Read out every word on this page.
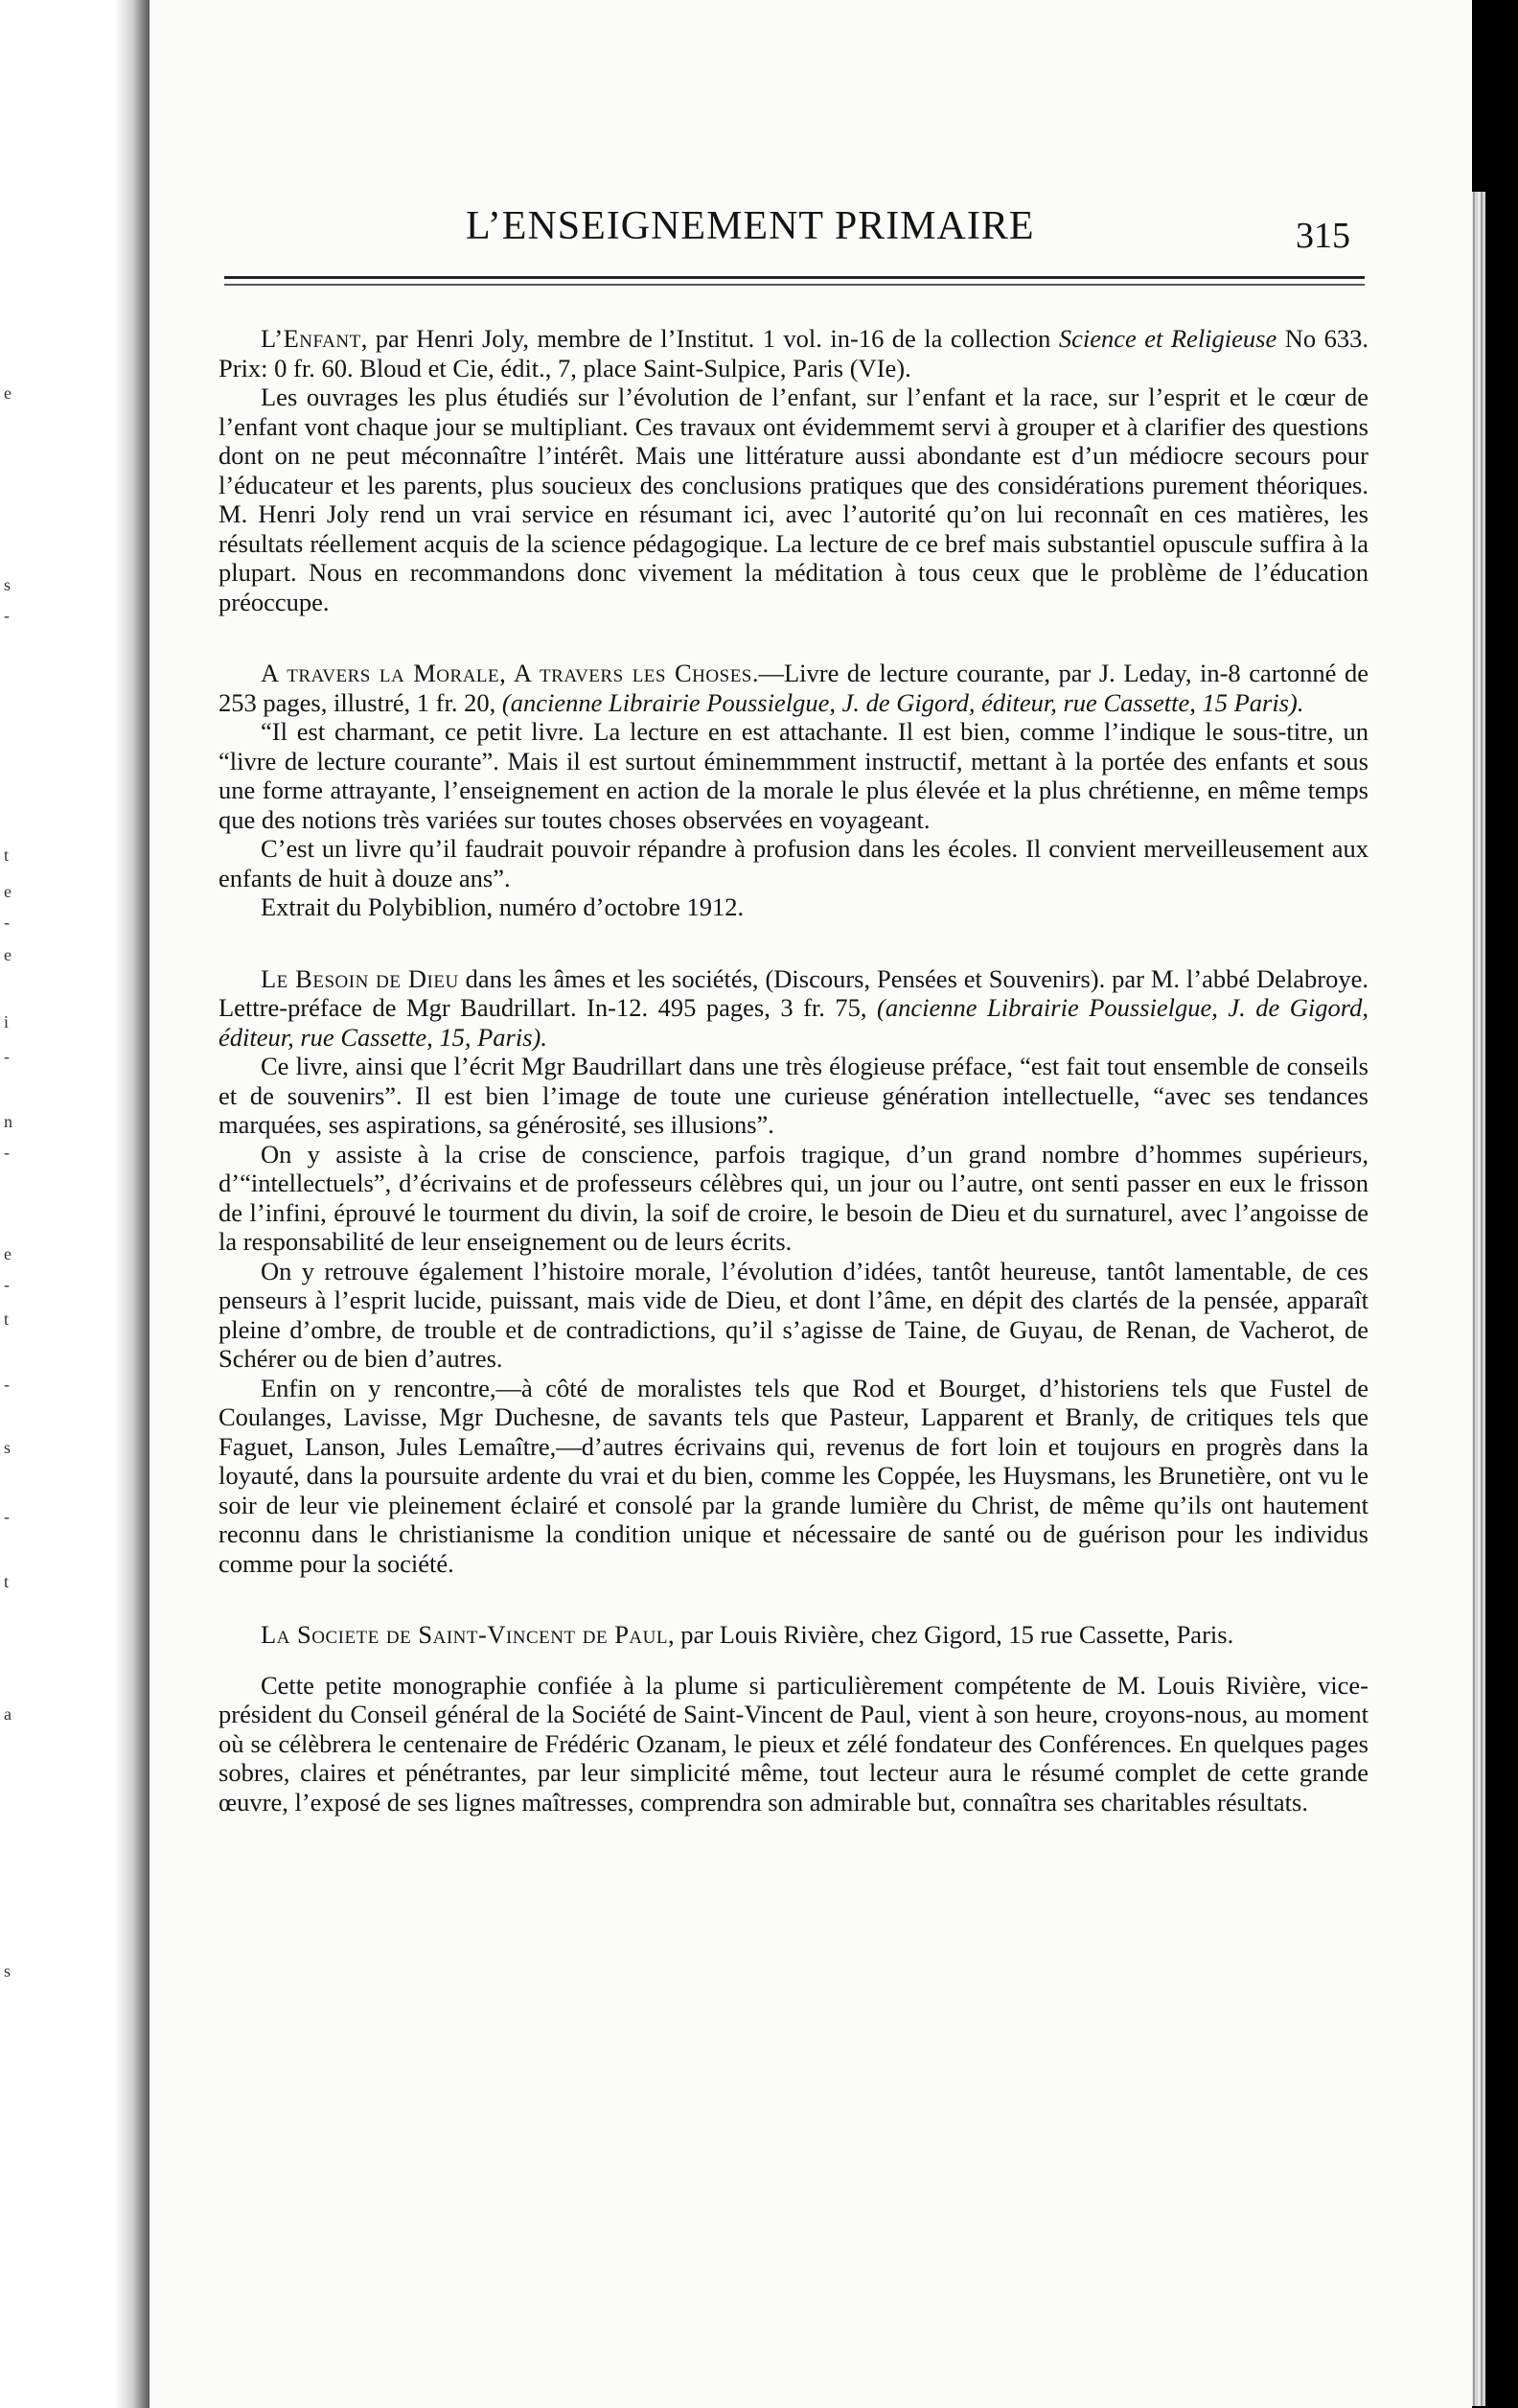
e
s
-
t
e
-
e
i
-
n
-
e
-
t
-
s
-
t
a
s
L’ENSEIGNEMENT PRIMAIRE	315

L’Enfant, par Henri Joly, membre de l’Institut. 1 vol. in-16 de la collection Science et Religieuse No 633. Prix: 0 fr. 60. Bloud et Cie, édit., 7, place Saint-Sulpice, Paris (VIe).

Les ouvrages les plus étudiés sur l’évolution de l’enfant, sur l’enfant et la race, sur l’esprit et le cœur de l’enfant vont chaque jour se multipliant. Ces travaux ont évidemmemt servi à grouper et à clarifier des questions dont on ne peut méconnaître l’intérêt. Mais une littérature aussi abondante est d’un médiocre secours pour l’éducateur et les parents, plus soucieux des conclusions pratiques que des considérations purement théoriques. M. Henri Joly rend un vrai service en résumant ici, avec l’autorité qu’on lui reconnaît en ces matières, les résultats réellement acquis de la science pédagogique. La lecture de ce bref mais substantiel opuscule suffira à la plupart. Nous en recommandons donc vivement la méditation à tous ceux que le problème de l’éducation préoccupe.

A travers la Morale, A travers les Choses.—Livre de lecture courante, par J. Leday, in-8 cartonné de 253 pages, illustré, 1 fr. 20, (ancienne Librairie Poussielgue, J. de Gigord, éditeur, rue Cassette, 15 Paris).

“Il est charmant, ce petit livre. La lecture en est attachante. Il est bien, comme l’indique le sous-titre, un “livre de lecture courante”. Mais il est surtout éminemmment instructif, mettant à la portée des enfants et sous une forme attrayante, l’enseignement en action de la morale le plus élevée et la plus chrétienne, en même temps que des notions très variées sur toutes choses observées en voyageant.

C’est un livre qu’il faudrait pouvoir répandre à profusion dans les écoles. Il convient merveilleusement aux enfants de huit à douze ans”.

Extrait du Polybiblion, numéro d’octobre 1912.

Le Besoin de Dieu dans les âmes et les sociétés, (Discours, Pensées et Souvenirs). par M. l’abbé Delabroye. Lettre-préface de Mgr Baudrillart. In-12. 495 pages, 3 fr. 75, (ancienne Librairie Poussielgue, J. de Gigord, éditeur, rue Cassette, 15, Paris).

Ce livre, ainsi que l’écrit Mgr Baudrillart dans une très élogieuse préface, “est fait tout ensemble de conseils et de souvenirs”. Il est bien l’image de toute une curieuse génération intellectuelle, “avec ses tendances marquées, ses aspirations, sa générosité, ses illusions”.

On y assiste à la crise de conscience, parfois tragique, d’un grand nombre d’hommes supérieurs, d’“intellectuels”, d’écrivains et de professeurs célèbres qui, un jour ou l’autre, ont senti passer en eux le frisson de l’infini, éprouvé le tourment du divin, la soif de croire, le besoin de Dieu et du surnaturel, avec l’angoisse de la responsabilité de leur enseignement ou de leurs écrits.

On y retrouve également l’histoire morale, l’évolution d’idées, tantôt heureuse, tantôt lamentable, de ces penseurs à l’esprit lucide, puissant, mais vide de Dieu, et dont l’âme, en dépit des clartés de la pensée, apparaît pleine d’ombre, de trouble et de contradictions, qu’il s’agisse de Taine, de Guyau, de Renan, de Vacherot, de Schérer ou de bien d’autres.

Enfin on y rencontre,—à côté de moralistes tels que Rod et Bourget, d’historiens tels que Fustel de Coulanges, Lavisse, Mgr Duchesne, de savants tels que Pasteur, Lapparent et Branly, de critiques tels que Faguet, Lanson, Jules Lemaître,—d’autres écrivains qui, revenus de fort loin et toujours en progrès dans la loyauté, dans la poursuite ardente du vrai et du bien, comme les Coppée, les Huysmans, les Brunetière, ont vu le soir de leur vie pleinement éclairé et consolé par la grande lumière du Christ, de même qu’ils ont hautement reconnu dans le christianisme la condition unique et nécessaire de santé ou de guérison pour les individus comme pour la société.

La Societe de Saint-Vincent de Paul, par Louis Rivière, chez Gigord, 15 rue Cassette, Paris.

Cette petite monographie confiée à la plume si particulièrement compétente de M. Louis Rivière, vice-président du Conseil général de la Société de Saint-Vincent de Paul, vient à son heure, croyons-nous, au moment où se célèbrera le centenaire de Frédéric Ozanam, le pieux et zélé fondateur des Conférences. En quelques pages sobres, claires et pénétrantes, par leur simplicité même, tout lecteur aura le résumé complet de cette grande œuvre, l’exposé de ses lignes maîtresses, comprendra son admirable but, connaîtra ses charitables résultats.
